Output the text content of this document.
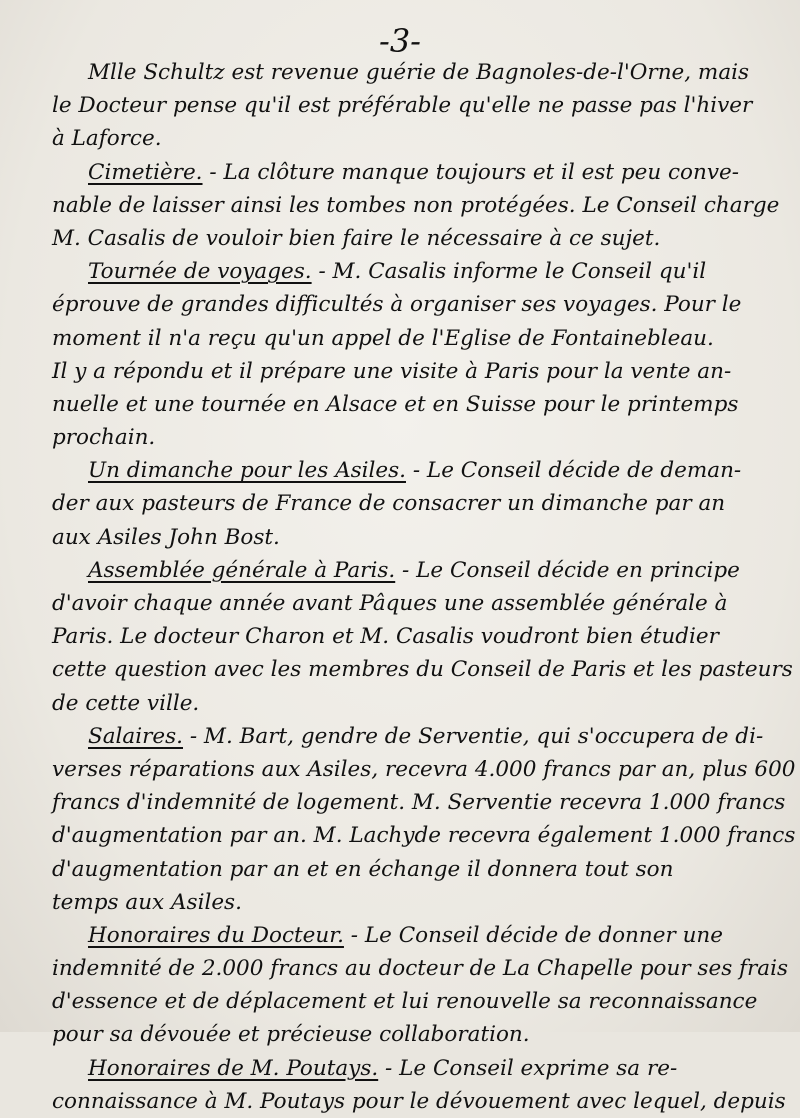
-3-
Mlle Schultz est revenue guérie de Bagnoles-de-l'Orne, mais
le Docteur pense qu'il est préférable qu'elle ne passe pas l'hiver
à Laforce.
Cimetière. - La clôture manque toujours et il est peu conve-
nable de laisser ainsi les tombes non protégées. Le Conseil charge
M. Casalis de vouloir bien faire le nécessaire à ce sujet.
Tournée de voyages. - M. Casalis informe le Conseil qu'il
éprouve de grandes difficultés à organiser ses voyages. Pour le
moment il n'a reçu qu'un appel de l'Eglise de Fontainebleau.
Il y a répondu et il prépare une visite à Paris pour la vente an-
nuelle et une tournée en Alsace et en Suisse pour le printemps
prochain.
Un dimanche pour les Asiles. - Le Conseil décide de deman-
der aux pasteurs de France de consacrer un dimanche par an
aux Asiles John Bost.
Assemblée générale à Paris. - Le Conseil décide en principe
d'avoir chaque année avant Pâques une assemblée générale à
Paris. Le docteur Charon et M. Casalis voudront bien étudier
cette question avec les membres du Conseil de Paris et les pasteurs
de cette ville.
Salaires. - M. Bart, gendre de Serventie, qui s'occupera de di-
verses réparations aux Asiles, recevra 4.000 francs par an, plus 600
francs d'indemnité de logement. M. Serventie recevra 1.000 francs
d'augmentation par an. M. Lachyde recevra également 1.000 francs
d'augmentation par an et en échange il donnera tout son
temps aux Asiles.
Honoraires du Docteur. - Le Conseil décide de donner une
indemnité de 2.000 francs au docteur de La Chapelle pour ses frais
d'essence et de déplacement et lui renouvelle sa reconnaissance
pour sa dévouée et précieuse collaboration.
Honoraires de M. Poutays. - Le Conseil exprime sa re-
connaissance à M. Poutays pour le dévouement avec lequel, depuis
